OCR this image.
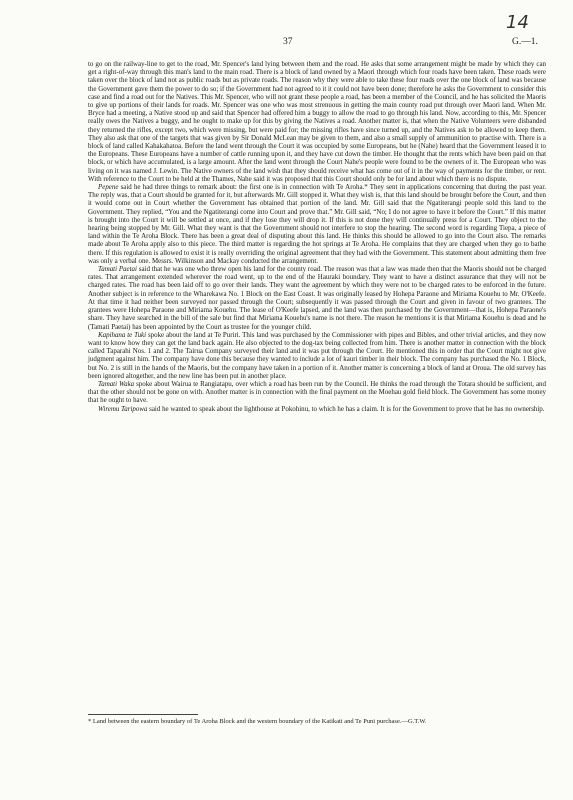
37	G.—1.
14

to go on the railway-line to get to the road, Mr. Spencer's land lying between them and the road. He asks that some arrangement might be made by which they can get a right-of-way through this man's land to the main road. There is a block of land owned by a Maori through which four roads have been taken. These roads were taken over the block of land not as public roads but as private roads. The reason why they were able to take these four roads over the one block of land was because the Government gave them the power to do so; if the Government had not agreed to it it could not have been done; therefore he asks the Government to consider this case and find a road out for the Natives. This Mr. Spencer, who will not grant these people a road, has been a member of the Council, and he has solicited the Maoris to give up portions of their lands for roads. Mr. Spencer was one who was most strenuous in getting the main county road put through over Maori land. When Mr. Bryce had a meeting, a Native stood up and said that Spencer had offered him a buggy to allow the road to go through his land. Now, according to this, Mr. Spencer really owes the Natives a buggy, and he ought to make up for this by giving the Natives a road. Another matter is, that when the Native Volunteers were disbanded they returned the rifles, except two, which were missing, but were paid for; the missing rifles have since turned up, and the Natives ask to be allowed to keep them. They also ask that one of the targets that was given by Sir Donald McLean may be given to them, and also a small supply of ammunition to practise with. There is a block of land called Kahakahatoa. Before the land went through the Court it was occupied by some Europeans, but he (Nahe) heard that the Government leased it to the Europeans. These Europeans have a number of cattle running upon it, and they have cut down the timber. He thought that the rents which have been paid on that block, or which have accumulated, is a large amount. After the land went through the Court Nahe's people were found to be the owners of it. The European who was living on it was named J. Lewin. The Native owners of the land wish that they should receive what has come out of it in the way of payments for the timber, or rent. With reference to the Court to be held at the Thames, Nahe said it was proposed that this Court should only be for land about which there is no dispute.

Pepene said he had three things to remark about: the first one is in connection with Te Aroha.* They sent in applications concerning that during the past year. The reply was, that a Court should be granted for it, but afterwards Mr. Gill stopped it. What they wish is, that this land should be brought before the Court, and then it would come out in Court whether the Government has obtained that portion of the land. Mr. Gill said that the Ngatiterangi people sold this land to the Government. They replied, “You and the Ngatiterangi come into Court and prove that.” Mr. Gill said, “No; I do not agree to have it before the Court.” If this matter is brought into the Court it will be settled at once, and if they lose they will drop it. If this is not done they will continually press for a Court. They object to the hearing being stopped by Mr. Gill. What they want is that the Government should not interfere to stop the hearing. The second word is regarding Tiepa, a piece of land within the Te Aroha Block. There has been a great deal of disputing about this land. He thinks this should be allowed to go into the Court also. The remarks made about Te Aroha apply also to this piece. The third matter is regarding the hot springs at Te Aroha. He complains that they are charged when they go to bathe there. If this regulation is allowed to exist it is really overriding the original agreement that they had with the Government. This statement about admitting them free was only a verbal one. Messrs. Wilkinson and Mackay conducted the arrangement.

Tamati Paetai said that he was one who threw open his land for the county road. The reason was that a law was made then that the Maoris should not be charged rates. That arrangement extended wherever the road went, up to the end of the Hauraki boundary. They want to have a distinct assurance that they will not be charged rates. The road has been laid off to go over their lands. They want the agreement by which they were not to be charged rates to be enforced in the future. Another subject is in reference to the Wharekawa No. 1 Block on the East Coast. It was originally leased by Hohepa Paraone and Miriama Kouehu to Mr. O'Keefe. At that time it had neither been surveyed nor passed through the Court; subsequently it was passed through the Court and given in favour of two grantees. The grantees were Hohepa Paraone and Miriama Kouehu. The lease of O'Keefe lapsed, and the land was then purchased by the Government—that is, Hohepa Paraone's share. They have searched in the bill of the sale but find that Miriama Kouehu's name is not there. The reason he mentions it is that Miriama Kouehu is dead and he (Tamati Paetai) has been appointed by the Court as trustee for the younger child.

Kapihana te Tuki spoke about the land at Te Puriri. This land was purchased by the Commissioner with pipes and Bibles, and other trivial articles, and they now want to know how they can get the land back again. He also objected to the dog-tax being collected from him. There is another matter in connection with the block called Taparahi Nos. 1 and 2. The Tairua Company surveyed their land and it was put through the Court. He mentioned this in order that the Court might not give judgment against him. The company have done this because they wanted to include a lot of kauri timber in their block. The company has purchased the No. 1 Block, but No. 2 is still in the hands of the Maoris, but the company have taken in a portion of it. Another matter is concerning a block of land at Oroua. The old survey has been ignored altogether, and the new line has been put in another place.

Tamati Waka spoke about Wairua te Rangiatapu, over which a road has been run by the Council. He thinks the road through the Totara should be sufficient, and that the other should not be gone on with. Another matter is in connection with the final payment on the Moehau gold field block. The Government has some money that he ought to have.

Wiremu Taripowa said he wanted to speak about the lighthouse at Pokohinu, to which he has a claim. It is for the Government to prove that he has no ownership.

* Land between the eastern boundary of Te Aroha Block and the western boundary of the Katikati and Te Puni purchase.—G.T.W.
